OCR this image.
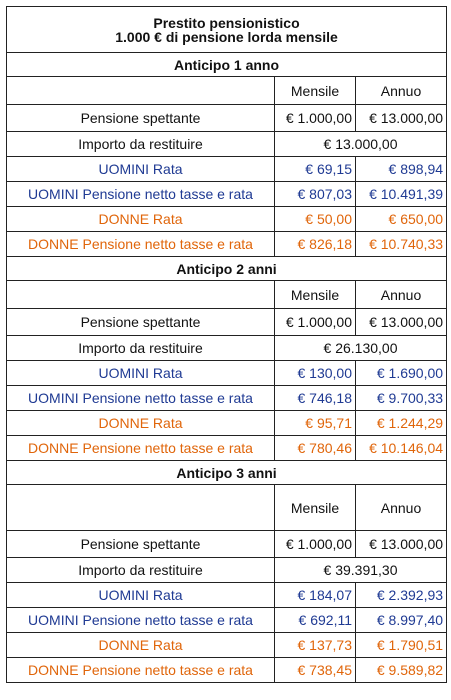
Prestito pensionistico
1.000 € di pensione lorda mensile		

Anticipo 1 anno		
	Mensile	Annuo
Pensione spettante	€ 1.000,00	€ 13.000,00
Importo da restituire	€ 13.000,00	
UOMINI Rata	€ 69,15	€ 898,94
UOMINI Pensione netto tasse e rata	€ 807,03	€ 10.491,39
DONNE Rata	€ 50,00	€ 650,00
DONNE Pensione netto tasse e rata	€ 826,18	€ 10.740,33
Anticipo 2 anni		
	Mensile	Annuo
Pensione spettante	€ 1.000,00	€ 13.000,00
Importo da restituire	€ 26.130,00	
UOMINI Rata	€ 130,00	€ 1.690,00
UOMINI Pensione netto tasse e rata	€ 746,18	€ 9.700,33
DONNE Rata	€ 95,71	€ 1.244,29
DONNE Pensione netto tasse e rata	€ 780,46	€ 10.146,04
Anticipo 3 anni		
	Mensile	Annuo
Pensione spettante	€ 1.000,00	€ 13.000,00
Importo da restituire	€ 39.391,30	
UOMINI Rata	€ 184,07	€ 2.392,93
UOMINI Pensione netto tasse e rata	€ 692,11	€ 8.997,40
DONNE Rata	€ 137,73	€ 1.790,51
DONNE Pensione netto tasse e rata	€ 738,45	€ 9.589,82
